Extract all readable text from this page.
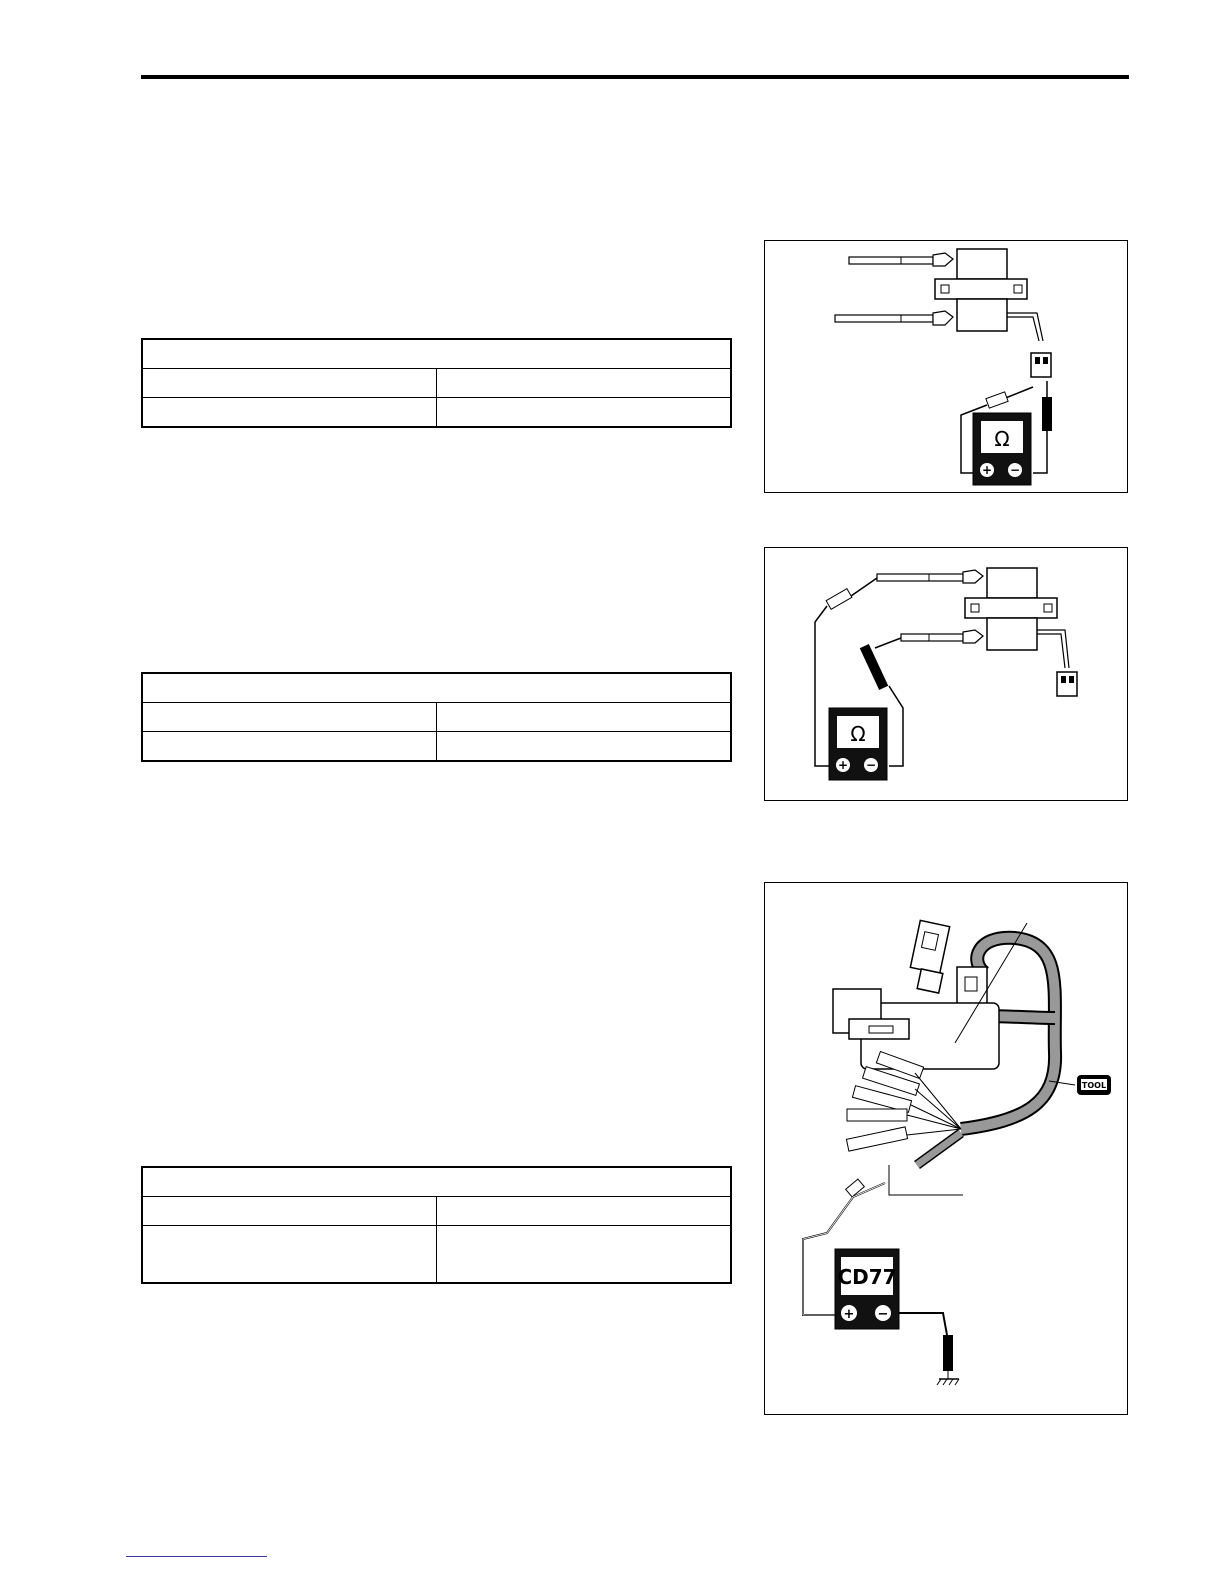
Ω
+ −
Ω
+ −
TOOL
CD77
+ −
